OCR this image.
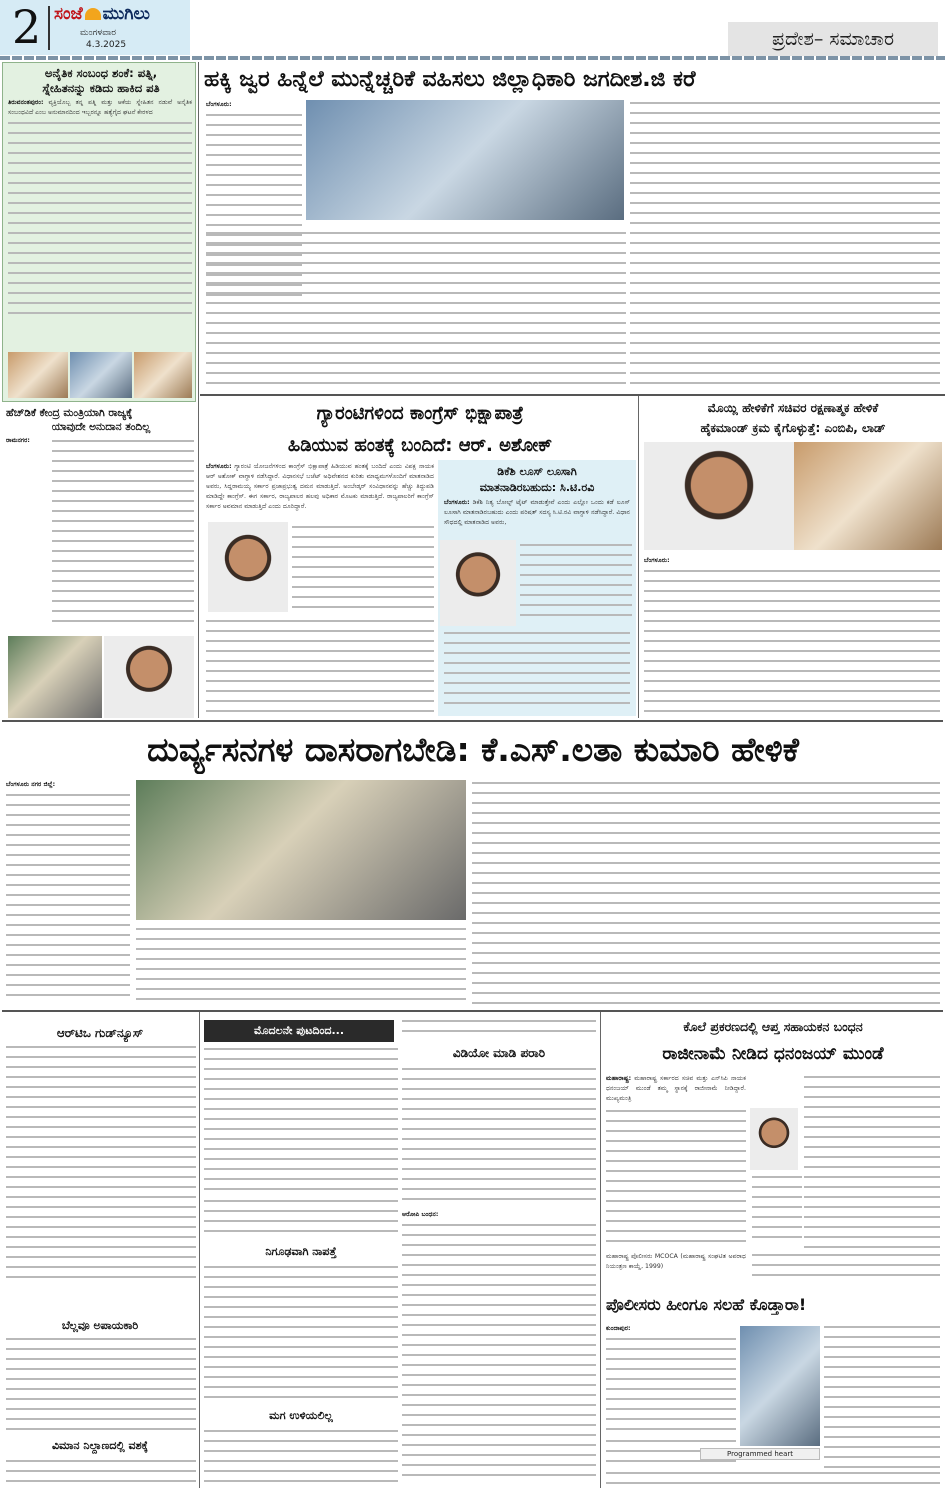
2 ಸಂಜೆ ಮುಗಿಲು
ಮಂಗಳವಾರ
4.3.2025	ಪ್ರದೇಶ– ಸಮಾಚಾರ
ಅನೈತಿಕ ಸಂಬಂಧ ಶಂಕೆ: ಪತ್ನಿ,
ಸ್ನೇಹಿತನನ್ನು ಕಡಿದು ಹಾಕಿದ ಪತಿ
ತಿರುವನಂತಪುರಂ: ವ್ಯಕ್ತಿಯೊಬ್ಬ ತನ್ನ ಪತ್ನಿ ಮತ್ತು ಆಕೆಯ ಸ್ನೇಹಿತನ ನಡುವೆ ಅನೈತಿಕ ಸಂಬಂಧವಿದೆ ಎಂಬ ಅನುಮಾನದಿಂದ ಇಬ್ಬರನ್ನೂ ಹತ್ಯೆಗೈದ ಘಟನೆ ಕೇರಳದ
ಹೆಚ್‌ಡಿಕೆ ಕೇಂದ್ರ ಮಂತ್ರಿಯಾಗಿ ರಾಜ್ಯಕ್ಕೆ
ಯಾವುದೇ ಅನುದಾನ ತಂದಿಲ್ಲ
ರಾಮನಗರ:
ಹಕ್ಕಿ ಜ್ವರ ಹಿನ್ನೆಲೆ ಮುನ್ನೆಚ್ಚರಿಕೆ ವಹಿಸಲು ಜಿಲ್ಲಾಧಿಕಾರಿ ಜಗದೀಶ.ಜಿ ಕರೆ
ಬೆಂಗಳೂರು:
ಗ್ಯಾರಂಟಿಗಳಿಂದ ಕಾಂಗ್ರೆಸ್ ಭಿಕ್ಷಾಪಾತ್ರೆ
ಹಿಡಿಯುವ ಹಂತಕ್ಕೆ ಬಂದಿದೆ: ಆರ್. ಅಶೋಕ್
ಬೆಂಗಳೂರು: ಗ್ಯಾರಂಟಿ ಯೋಜನೆಗಳಿಂದ ಕಾಂಗ್ರೆಸ್ ಭಿಕ್ಷಾಪಾತ್ರೆ ಹಿಡಿಯುವ ಹಂತಕ್ಕೆ ಬಂದಿದೆ ಎಂದು ವಿಪಕ್ಷ ನಾಯಕ ಆರ್ ಅಶೋಕ್ ವಾಗ್ದಾಳಿ ನಡೆಸಿದ್ದಾರೆ. ವಿಧಾನಸಭೆ ಬಜೆಟ್ ಅಧಿವೇಶನದ ಕುರಿತು ಮಾಧ್ಯಮಗಳೊಂದಿಗೆ ಮಾತನಾಡಿದ ಅವರು, ಸಿದ್ದರಾಮಯ್ಯ ಸರ್ಕಾರ ಪ್ರಜಾಪ್ರಭುತ್ವ ದಮನ ಮಾಡುತ್ತಿದೆ. ಅಂಬೇಡ್ಕರ್ ಸಂವಿಧಾನವನ್ನು ಹೆಚ್ಚು ತಿದ್ದುಪಡಿ ಮಾಡಿದ್ದೇ ಕಾಂಗ್ರೆಸ್. ಈಗ ಸರ್ಕಾರ, ರಾಜ್ಯಪಾಲರ ಹಲವು ಅಧಿಕಾರ ಮೊಟಕು ಮಾಡುತ್ತಿದೆ. ರಾಜ್ಯಪಾಲರಿಗೆ ಕಾಂಗ್ರೆಸ್ ಸರ್ಕಾರ ಅವಮಾನ ಮಾಡುತ್ತಿದೆ ಎಂದು ದೂರಿದ್ದಾರೆ.
ಡಿಕೆಶಿ ಲೂಸ್ ಲೂಸಾಗಿ
ಮಾತನಾಡಿರಬಹುದು: ಸಿ.ಟಿ.ರವಿ
ಬೆಂಗಳೂರು: ಡಿಕೆಶಿ ನಿತ್ಯ ಬೋಲ್ಟ್ ಟೈಟ್ ಮಾಡುತ್ತೇವೆ ಎಂದು ಎಲ್ಲೋ ಒಂದು ಕಡೆ ಲೂಸ್ ಲೂಸಾಗಿ ಮಾತನಾಡಿರಬಹುದು ಎಂದು ಪರಿಷತ್ ಸದಸ್ಯ ಸಿ.ಟಿ.ರವಿ ವಾಗ್ದಾಳಿ ನಡೆಸಿದ್ದಾರೆ. ವಿಧಾನ ಸೌಧದಲ್ಲಿ ಮಾತನಾಡಿದ ಅವರು,
ಮೊಯ್ಲಿ ಹೇಳಿಕೆಗೆ ಸಚಿವರ ರಕ್ಷಣಾತ್ಮಕ ಹೇಳಿಕೆ
ಹೈಕಮಾಂಡ್ ಕ್ರಮ ಕೈಗೊಳ್ಳುತ್ತೆ: ಎಂಬಿಪಿ, ಲಾಡ್
ಬೆಂಗಳೂರು:
ದುರ್ವ್ಯಸನಗಳ ದಾಸರಾಗಬೇಡಿ: ಕೆ.ಎಸ್.ಲತಾ ಕುಮಾರಿ ಹೇಳಿಕೆ
ಬೆಂಗಳೂರು ನಗರ ಜಿಲ್ಲೆ:
ಆರ್‌ಟಿಒ ಗುಡ್‌ನ್ಯೂಸ್
ಬೆಲ್ಲವೂ ಅಪಾಯಕಾರಿ
ವಿಮಾನ ನಿಲ್ದಾಣದಲ್ಲಿ ವಶಕ್ಕೆ
ಮೊದಲನೇ ಪುಟದಿಂದ...
ನಿಗೂಢವಾಗಿ ನಾಪತ್ತೆ
ಮಗ ಉಳಿಯಲಿಲ್ಲ
ವಿಡಿಯೋ ಮಾಡಿ ಪರಾರಿ
ಆರೋಪಿ ಬಂಧನ:
ಕೊಲೆ ಪ್ರಕರಣದಲ್ಲಿ ಆಪ್ತ ಸಹಾಯಕನ ಬಂಧನ
ರಾಜೀನಾಮೆ ನೀಡಿದ ಧನಂಜಯ್ ಮುಂಡೆ
ಮಹಾರಾಷ್ಟ್ರ: ಮಹಾರಾಷ್ಟ್ರ ಸರ್ಕಾರದ ಸಚಿವ ಮತ್ತು ಎನ್‌ಸಿಪಿ ನಾಯಕ ಧನಂಜಯ್ ಮುಂಡೆ ತಮ್ಮ ಸ್ಥಾನಕ್ಕೆ ರಾಜೀನಾಮೆ ನೀಡಿದ್ದಾರೆ. ಮುಖ್ಯಮಂತ್ರಿ
ಮಹಾರಾಷ್ಟ್ರ ಪೊಲೀಸರು MCOCA (ಮಹಾರಾಷ್ಟ್ರ ಸಂಘಟಿತ ಅಪರಾಧ ನಿಯಂತ್ರಣ ಕಾಯ್ದೆ, 1999)
ಪೊಲೀಸರು ಹೀಂಗೂ ಸಲಹೆ ಕೊಡ್ತಾರಾ!
ಕುಂದಾಪುರ:
Programmed heart
